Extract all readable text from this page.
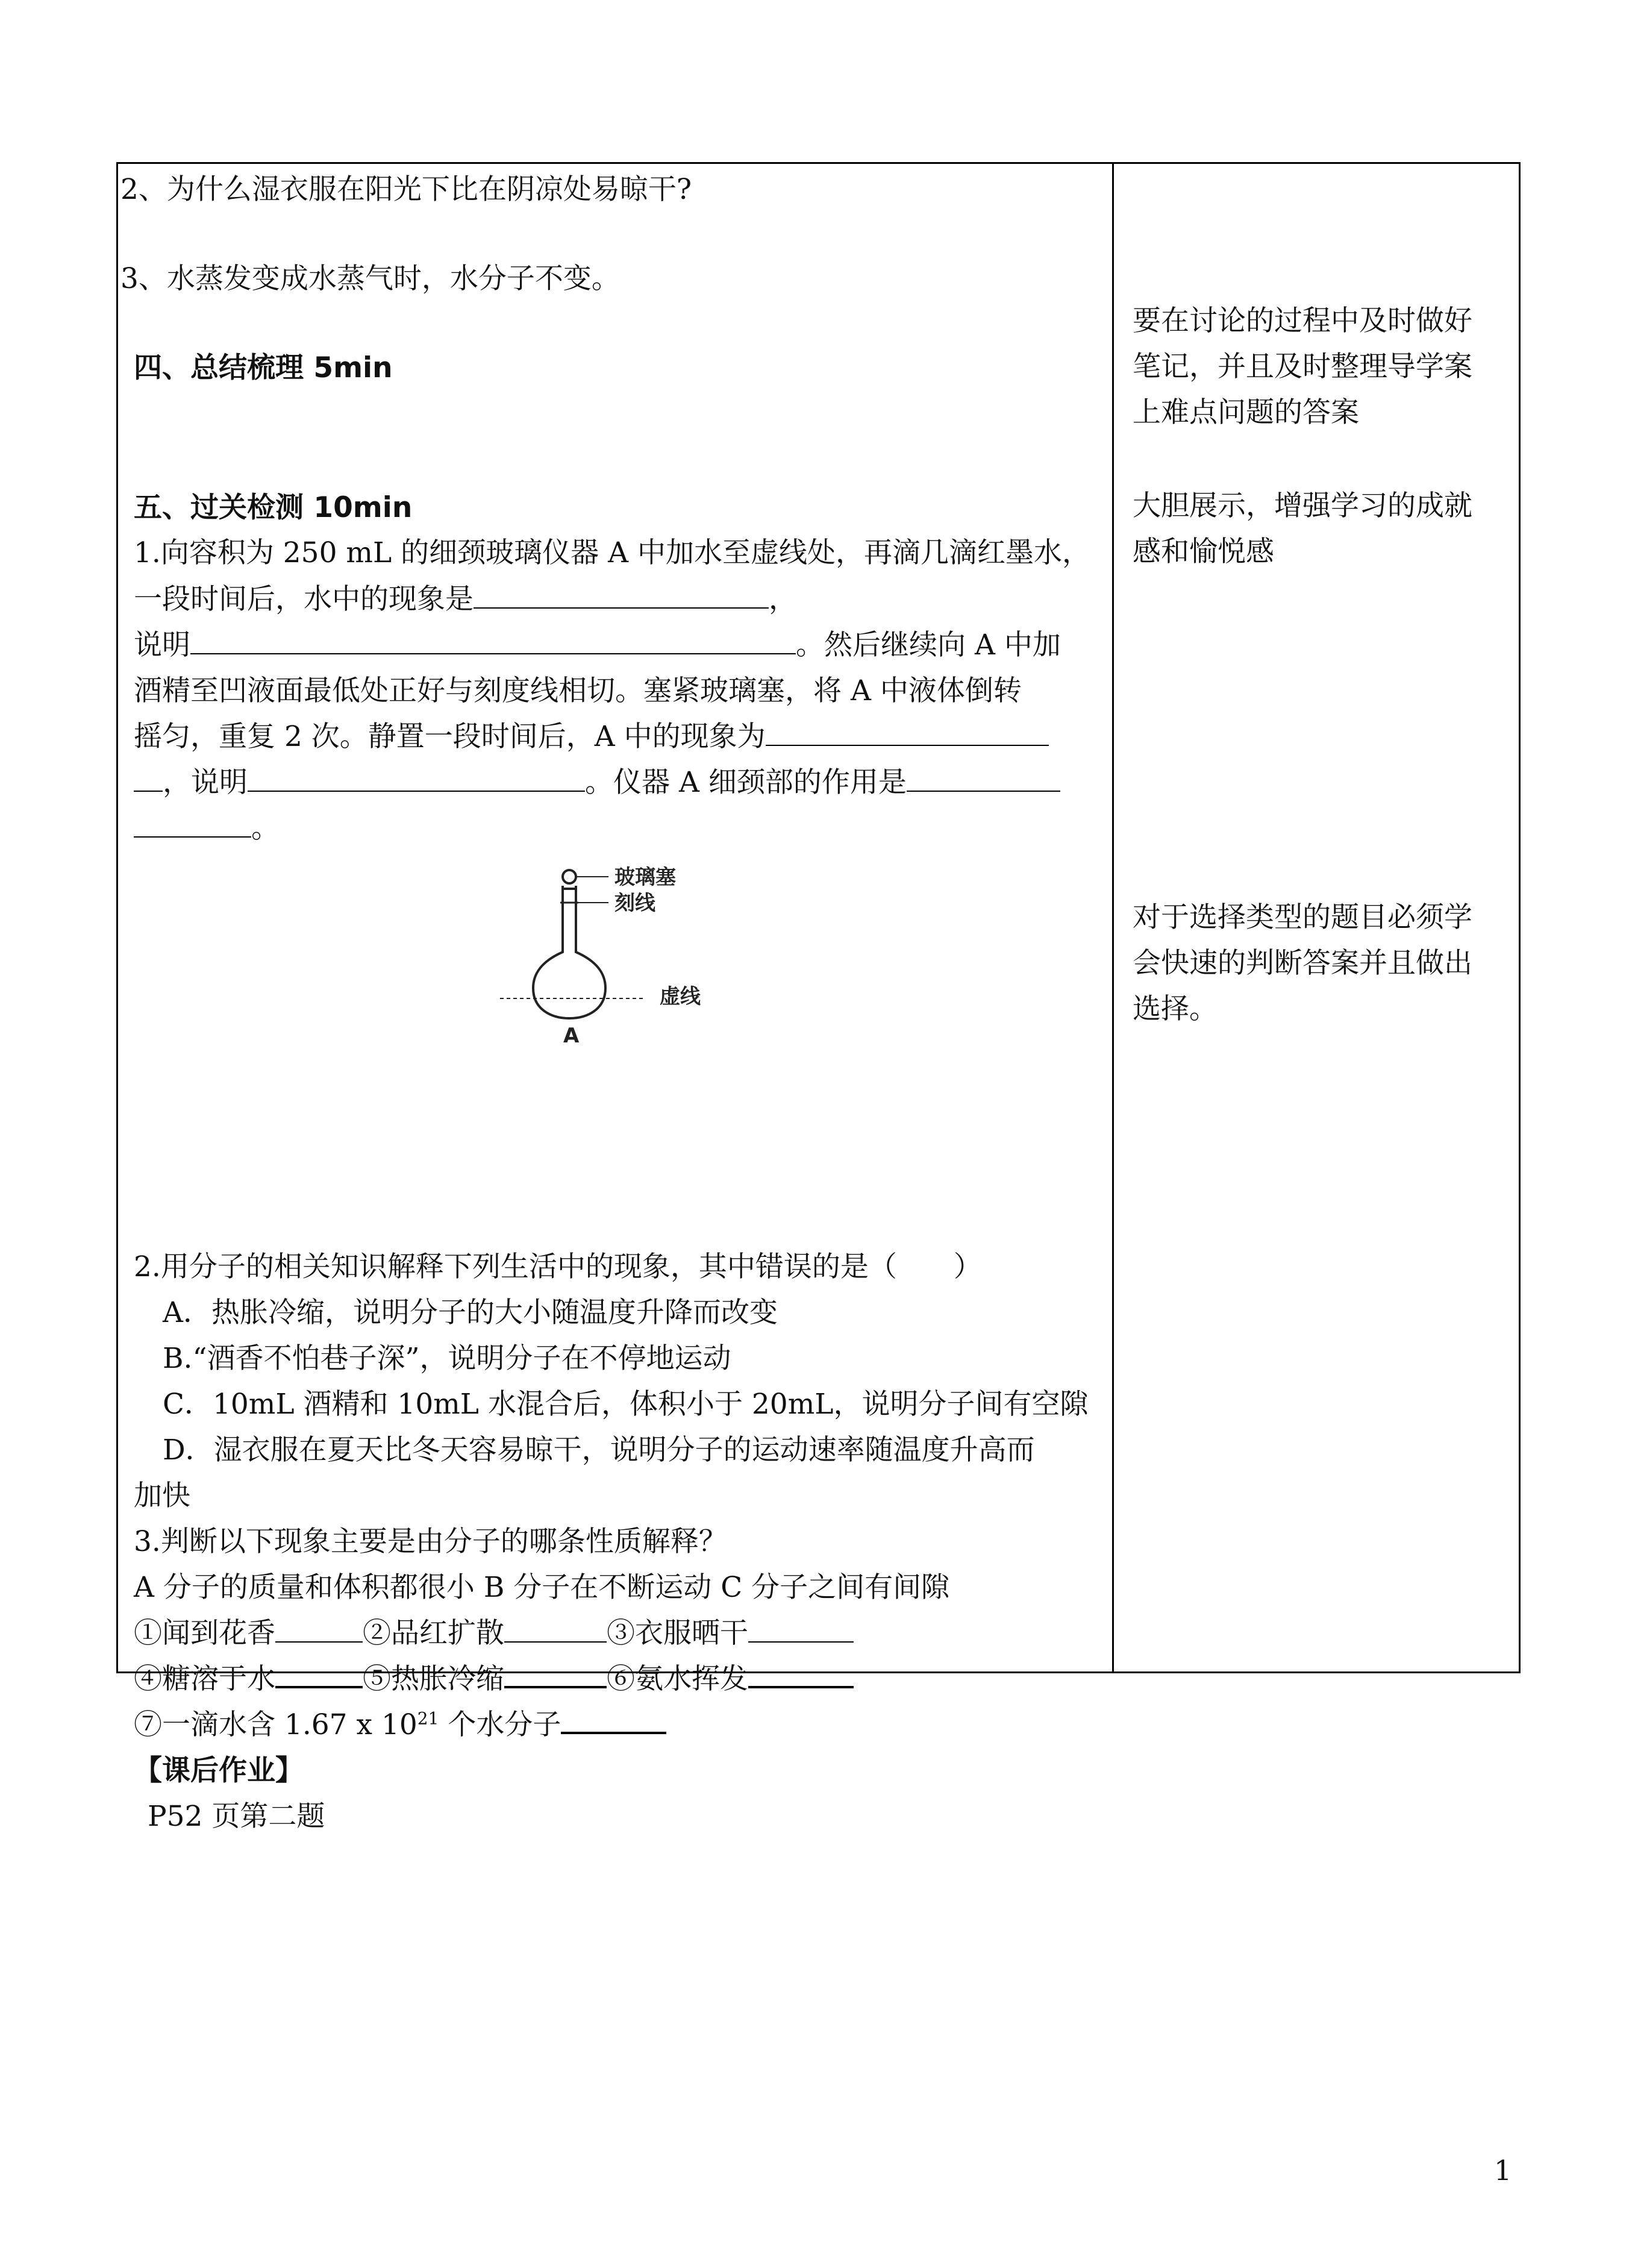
2、为什么湿衣服在阳光下比在阴凉处易晾干?
3、水蒸发变成水蒸气时，水分子不变。
四、总结梳理 5min
五、过关检测 10min
1.向容积为 250 mL 的细颈玻璃仪器 A 中加水至虚线处，再滴几滴红墨水，
一段时间后，水中的现象是	，
说明	。然后继续向 A 中加
酒精至凹液面最低处正好与刻度线相切。塞紧玻璃塞，将 A 中液体倒转
摇匀，重复 2 次。静置一段时间后，A 中的现象为
，说明	。仪器 A 细颈部的作用是
。
2.用分子的相关知识解释下列生活中的现象，其中错误的是（　　）
A．热胀冷缩，说明分子的大小随温度升降而改变
B.“酒香不怕巷子深”，说明分子在不停地运动
C．10mL 酒精和 10mL 水混合后，体积小于 20mL，说明分子间有空隙
D．湿衣服在夏天比冬天容易晾干，说明分子的运动速率随温度升高而
加快
3.判断以下现象主要是由分子的哪条性质解释？
A 分子的质量和体积都很小 B 分子在不断运动 C 分子之间有间隙
①闻到花香	②品红扩散	③衣服晒干
④糖溶于水	⑤热胀冷缩	⑥氨水挥发
⑦一滴水含 1.67 x $10^{21}$ 个水分子
【课后作业】
P52 页第二题
玻璃塞
刻线
虚线
A
要在讨论的过程中及时做好
笔记，并且及时整理导学案
上难点问题的答案
大胆展示，增强学习的成就
感和愉悦感
对于选择类型的题目必须学
会快速的判断答案并且做出
选择。
1
